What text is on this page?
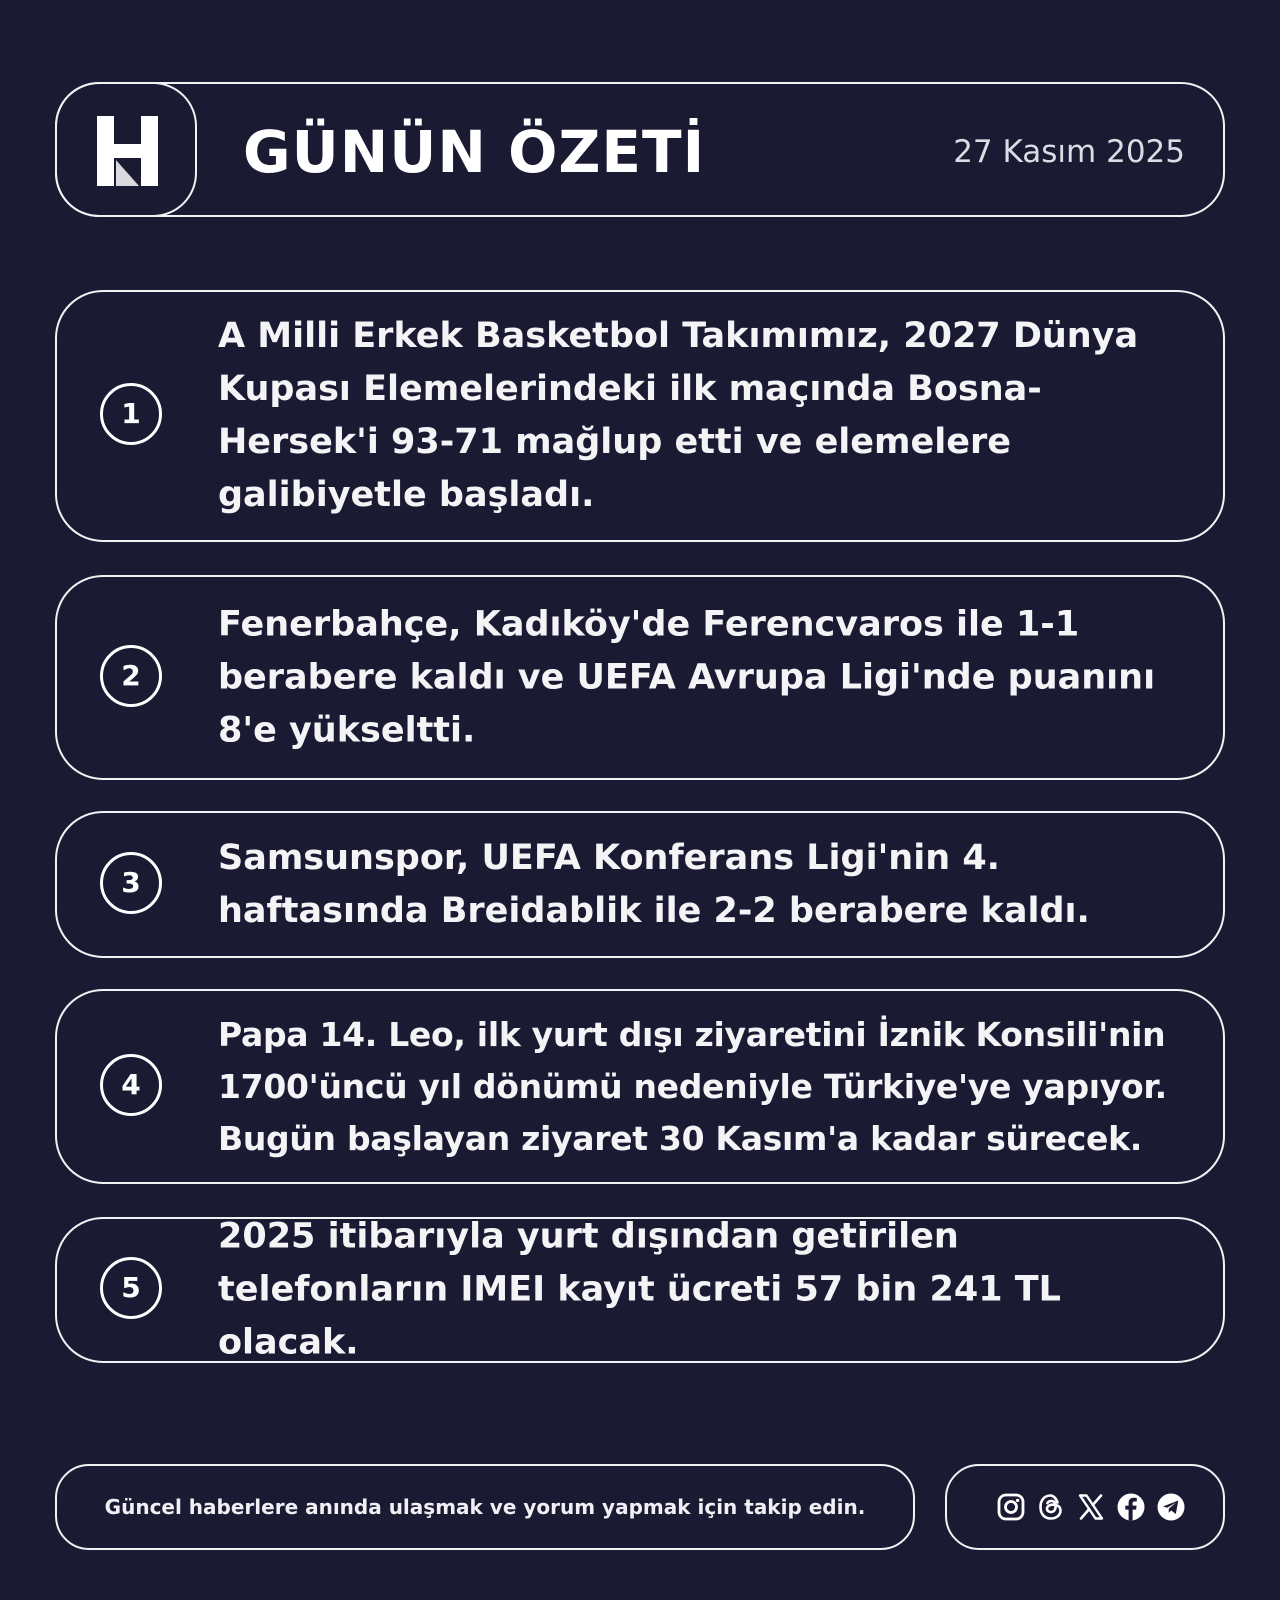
GÜNÜN ÖZETİ	27 Kasım 2025
1
A Milli Erkek Basketbol Takımımız, 2027 Dünya Kupası Elemelerindeki ilk maçında Bosna-Hersek'i 93-71 mağlup etti ve elemelere galibiyetle başladı.
2
Fenerbahçe, Kadıköy'de Ferencvaros ile 1-1 berabere kaldı ve UEFA Avrupa Ligi'nde puanını 8'e yükseltti.
3
Samsunspor, UEFA Konferans Ligi'nin 4. haftasında Breidablik ile 2-2 berabere kaldı.
4
Papa 14. Leo, ilk yurt dışı ziyaretini İznik Konsili'nin 1700'üncü yıl dönümü nedeniyle Türkiye'ye yapıyor. Bugün başlayan ziyaret 30 Kasım'a kadar sürecek.
5
2025 itibarıyla yurt dışından getirilen telefonların IMEI kayıt ücreti 57 bin 241 TL olacak.
Güncel haberlere anında ulaşmak ve yorum yapmak için takip edin.
